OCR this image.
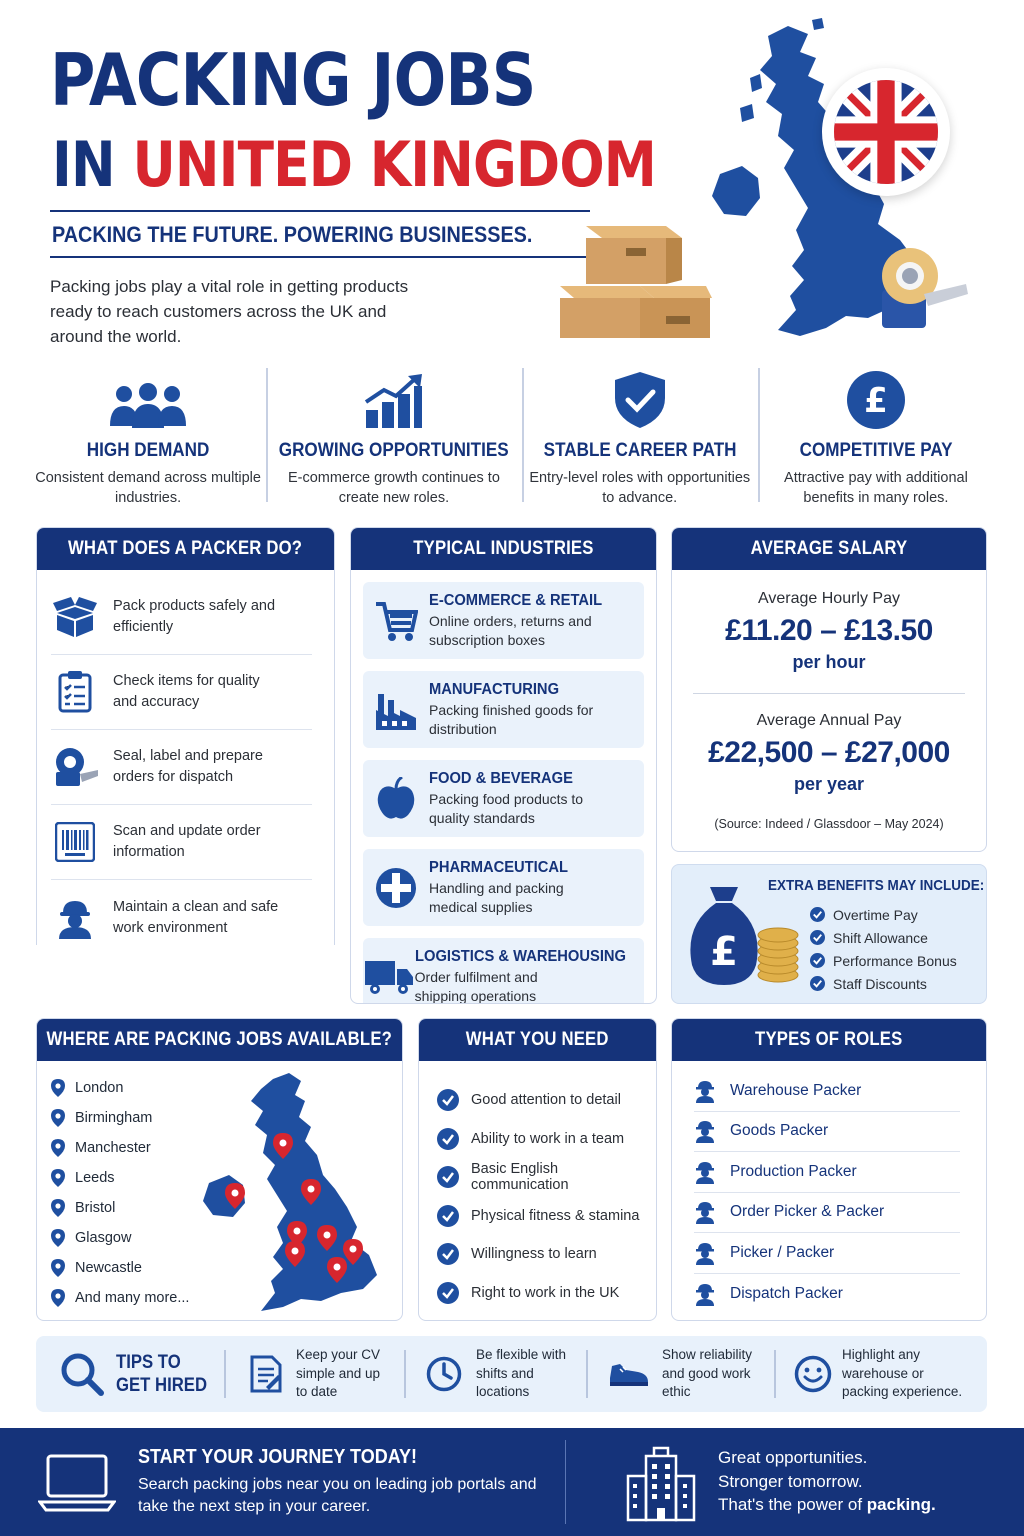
PACKING JOBS
IN UNITED KINGDOM
PACKING THE FUTURE. POWERING BUSINESSES.
Packing jobs play a vital role in getting products ready to reach customers across the UK and around the world.
HIGH DEMAND

Consistent demand across multiple industries.

GROWING OPPORTUNITIES

E-commerce growth continues to create new roles.

STABLE CAREER PATH

Entry-level roles with opportunities to advance.

£
COMPETITIVE PAY

Attractive pay with additional benefits in many roles.

WHAT DOES A PACKER DO?
Pack products safely and efficiently
Check items for quality and accuracy
Seal, label and prepare orders for dispatch
Scan and update order information
Maintain a clean and safe work environment
TYPICAL INDUSTRIES
E-COMMERCE & RETAIL
Online orders, returns and subscription boxes
MANUFACTURING
Packing finished goods for distribution
FOOD & BEVERAGE
Packing food products to quality standards
PHARMACEUTICAL
Handling and packing medical supplies
LOGISTICS & WAREHOUSING
Order fulfilment and shipping operations
AVERAGE SALARY
Average Hourly Pay
£11.20 – £13.50
per hour
Average Annual Pay
£22,500 – £27,000
per year
(Source: Indeed / Glassdoor – May 2024)
£
EXTRA BENEFITS MAY INCLUDE:
Overtime Pay
Shift Allowance
Performance Bonus
Staff Discounts
WHERE ARE PACKING JOBS AVAILABLE?
London
Birmingham
Manchester
Leeds
Bristol
Glasgow
Newcastle
And many more...
WHAT YOU NEED
Good attention to detail
Ability to work in a team
Basic English communication
Physical fitness & stamina
Willingness to learn
Right to work in the UK
TYPES OF ROLES
Warehouse Packer
Goods Packer
Production Packer
Order Picker & Packer
Picker / Packer
Dispatch Packer
TIPS TO
GET HIRED
Keep your CV simple and up to date
Be flexible with shifts and locations
Show reliability and good work ethic
Highlight any warehouse or packing experience.
START YOUR JOURNEY TODAY!
Search packing jobs near you on leading job portals and take the next step in your career.
Great opportunities.
Stronger tomorrow.
That's the power of packing.
